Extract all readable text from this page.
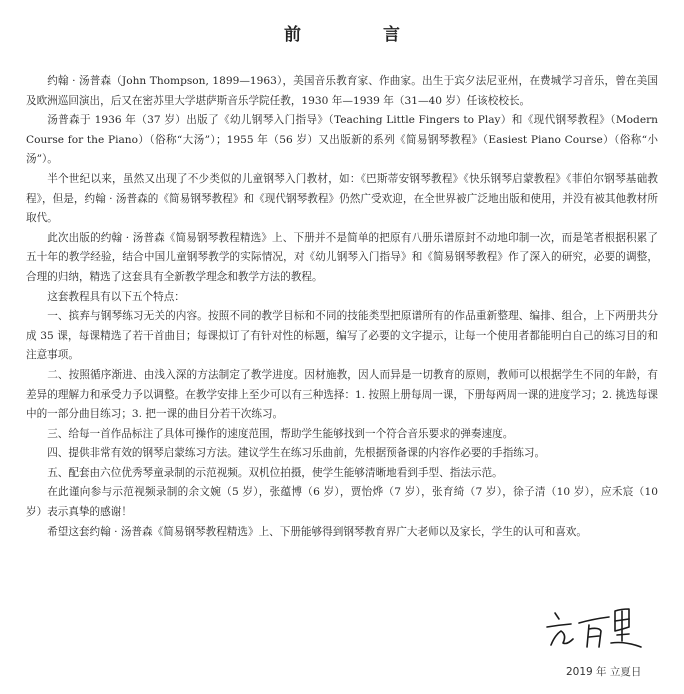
前 言

约翰 · 汤普森（John Thompson, 1899—1963），美国音乐教育家、作曲家。出生于宾夕法尼亚州，在费城学习音乐，曾在美国及欧洲巡回演出，后又在密苏里大学堪萨斯音乐学院任教，1930 年—1939 年（31—40 岁）任该校校长。

汤普森于 1936 年（37 岁）出版了《幼儿钢琴入门指导》（Teaching Little Fingers to Play）和《现代钢琴教程》（Modern Course for the Piano）（俗称“大汤”）；1955 年（56 岁）又出版新的系列《简易钢琴教程》（Easiest Piano Course）（俗称“小汤”）。

半个世纪以来，虽然又出现了不少类似的儿童钢琴入门教材，如：《巴斯蒂安钢琴教程》《快乐钢琴启蒙教程》《菲伯尔钢琴基础教程》，但是，约翰 · 汤普森的《简易钢琴教程》和《现代钢琴教程》仍然广受欢迎，在全世界被广泛地出版和使用，并没有被其他教材所取代。

此次出版的约翰 · 汤普森《简易钢琴教程精选》上、下册并不是简单的把原有八册乐谱原封不动地印制一次，而是笔者根据积累了五十年的教学经验，结合中国儿童钢琴教学的实际情况，对《幼儿钢琴入门指导》和《简易钢琴教程》作了深入的研究，必要的调整，合理的归纳，精选了这套具有全新教学理念和教学方法的教程。

这套教程具有以下五个特点：

一、摈弃与钢琴练习无关的内容。按照不同的教学目标和不同的技能类型把原谱所有的作品重新整理、编排、组合，上下两册共分成 35 课，每课精选了若干首曲目；每课拟订了有针对性的标题，编写了必要的文字提示，让每一个使用者都能明白自己的练习目的和注意事项。

二、按照循序渐进、由浅入深的方法制定了教学进度。因材施教，因人而异是一切教育的原则，教师可以根据学生不同的年龄，有差异的理解力和承受力予以调整。在教学安排上至少可以有三种选择：1. 按照上册每周一课，下册每两周一课的进度学习；2. 挑选每课中的一部分曲目练习；3. 把一课的曲目分若干次练习。

三、给每一首作品标注了具体可操作的速度范围，帮助学生能够找到一个符合音乐要求的弹奏速度。

四、提供非常有效的钢琴启蒙练习方法。建议学生在练习乐曲前，先根据预备课的内容作必要的手指练习。

五、配套由六位优秀琴童录制的示范视频。双机位拍摄，使学生能够清晰地看到手型、指法示范。

在此谨向参与示范视频录制的余文婉（5 岁），张蕴博（6 岁），贾怡烨（7 岁），张育绮（7 岁），徐子清（10 岁），应禾宸（10 岁）表示真挚的感谢！

希望这套约翰 · 汤普森《简易钢琴教程精选》上、下册能够得到钢琴教育界广大老师以及家长，学生的认可和喜欢。

2019 年 立夏日
